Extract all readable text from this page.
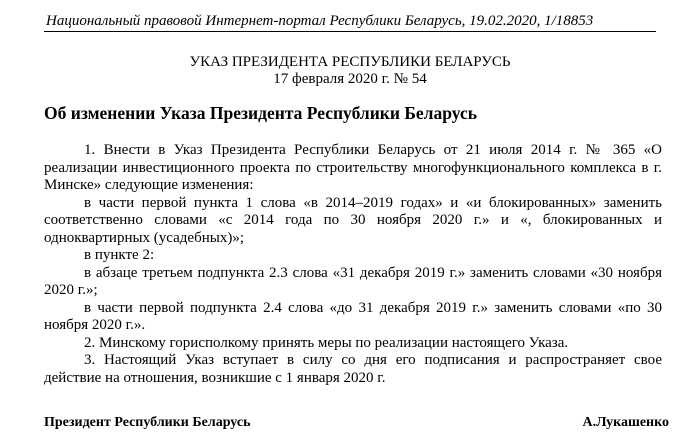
Национальный правовой Интернет-портал Республики Беларусь, 19.02.2020, 1/18853
УКАЗ ПРЕЗИДЕНТА РЕСПУБЛИКИ БЕЛАРУСЬ
17 февраля 2020 г. № 54
Об изменении Указа Президента Республики Беларусь

1. Внести в Указ Президента Республики Беларусь от 21 июля 2014 г. № 365 «О реализации инвестиционного проекта по строительству многофункционального комплекса в г. Минске» следующие изменения:

в части первой пункта 1 слова «в 2014–2019 годах» и «и блокированных» заменить соответственно словами «с 2014 года по 30 ноября 2020 г.» и «, блокированных и одноквартирных (усадебных)»;

в пункте 2:

в абзаце третьем подпункта 2.3 слова «31 декабря 2019 г.» заменить словами «30 ноября 2020 г.»;

в части первой подпункта 2.4 слова «до 31 декабря 2019 г.» заменить словами «по 30 ноября 2020 г.».

2. Минскому горисполкому принять меры по реализации настоящего Указа.

3. Настоящий Указ вступает в силу со дня его подписания и распространяет свое действие на отношения, возникшие с 1 января 2020 г.

Президент Республики Беларусь	А.Лукашенко
